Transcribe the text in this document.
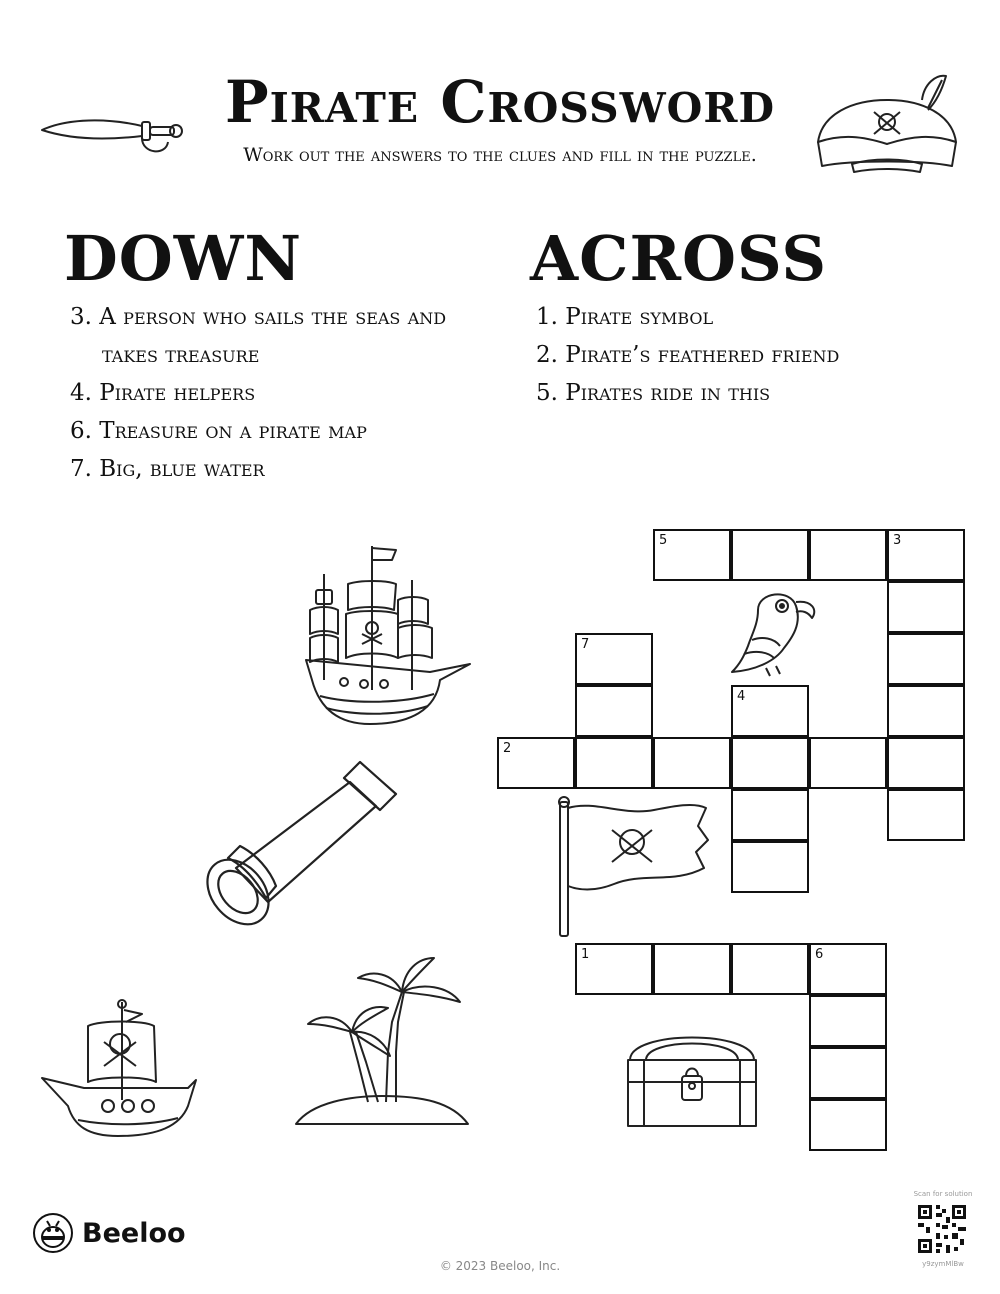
Pirate Crossword

Work out the answers to the clues and fill in the puzzle.

DOWN	ACROSS
3. A person who sails the seas and takes treasure
4. Pirate helpers
6. Treasure on a pirate map
7. Big, blue water
1. Pirate symbol
2. Pirate’s feathered friend
5. Pirates ride in this
5	3
7
4
2
1	6
Beeloo
© 2023 Beeloo, Inc.
Scan for solution
y9zymMlBw
